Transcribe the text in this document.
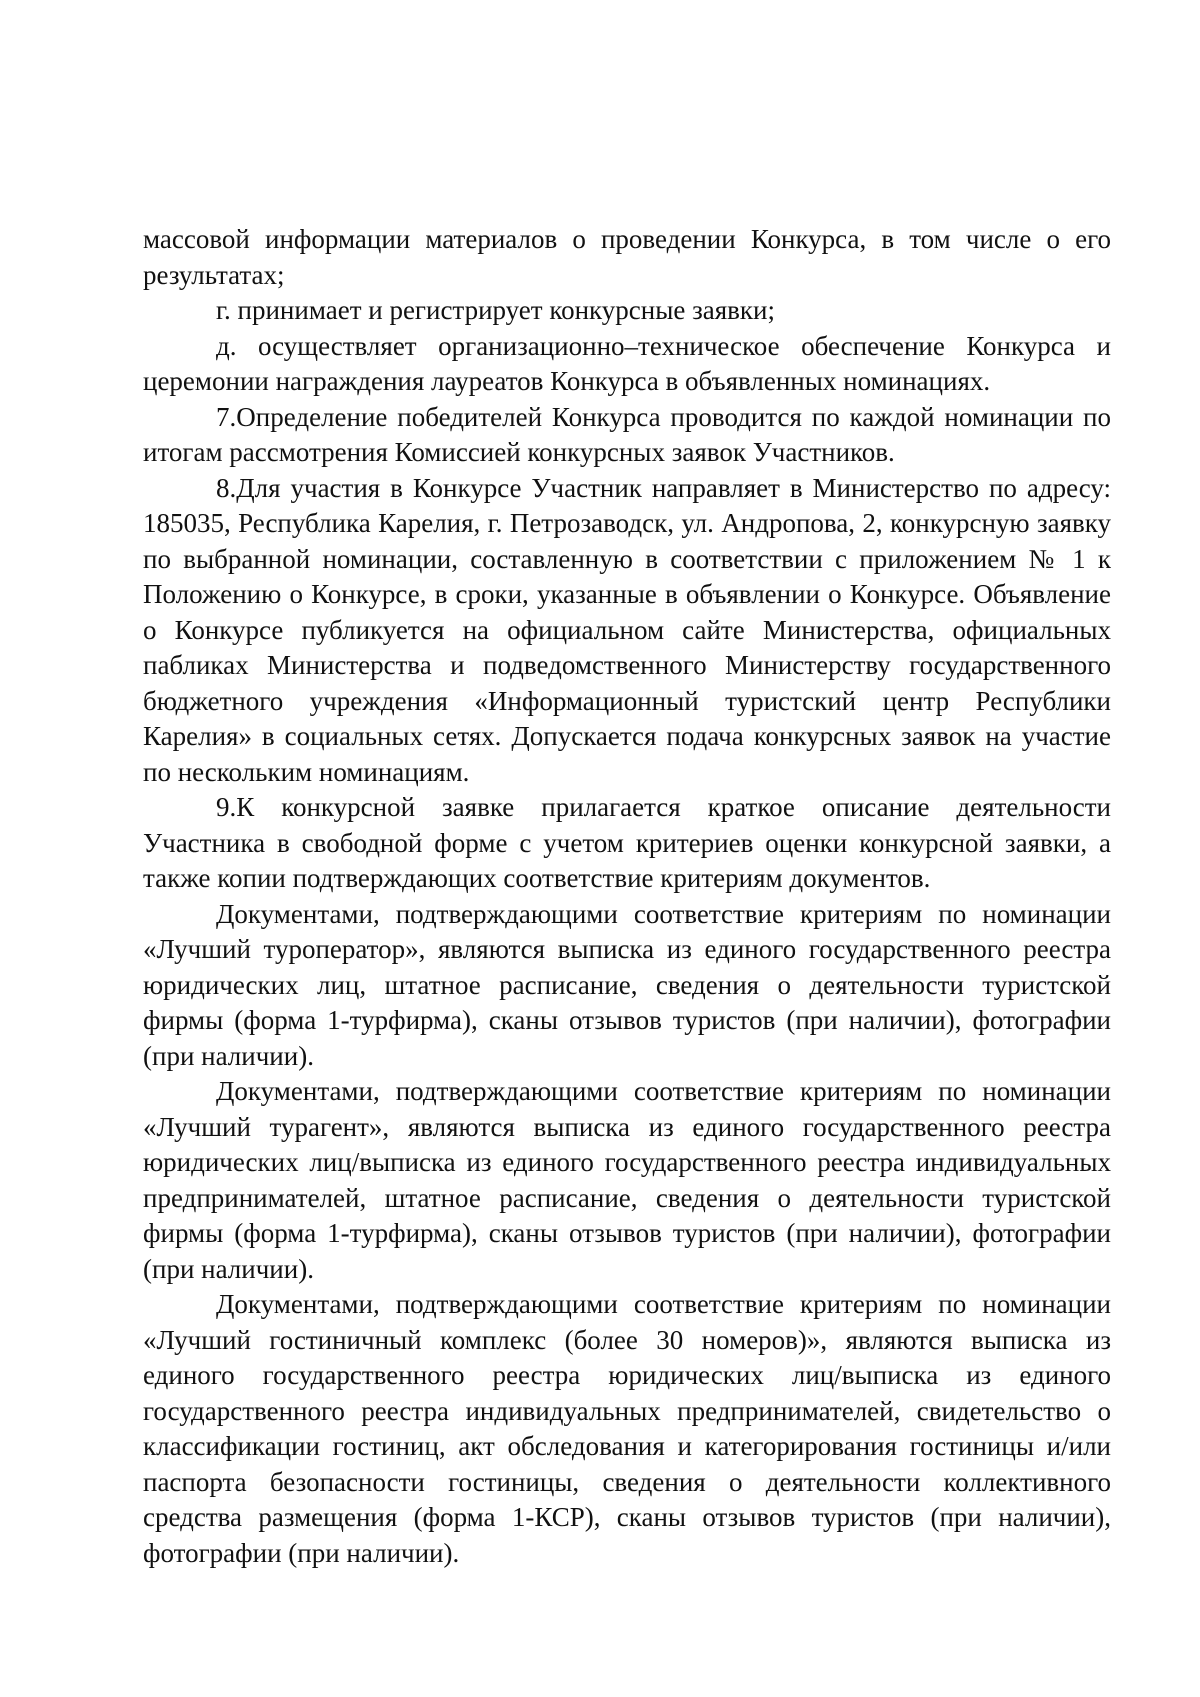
массовой информации материалов о проведении Конкурса, в том числе о его результатах;

г. принимает и регистрирует конкурсные заявки;

д. осуществляет организационно–техническое обеспечение Конкурса и церемонии награждения лауреатов Конкурса в объявленных номинациях.

7.Определение победителей Конкурса проводится по каждой номинации по итогам рассмотрения Комиссией конкурсных заявок Участников.

8.Для участия в Конкурсе Участник направляет в Министерство по адресу: 185035, Республика Карелия, г. Петрозаводск, ул. Андропова, 2, конкурсную заявку по выбранной номинации, составленную в соответствии с приложением № 1 к Положению о Конкурсе, в сроки, указанные в объявлении о Конкурсе. Объявление о Конкурсе публикуется на официальном сайте Министерства, официальных пабликах Министерства и подведомственного Министерству государственного бюджетного учреждения «Информационный туристский центр Республики Карелия» в социальных сетях. Допускается подача конкурсных заявок на участие по нескольким номинациям.

9.К конкурсной заявке прилагается краткое описание деятельности Участника в свободной форме с учетом критериев оценки конкурсной заявки, а также копии подтверждающих соответствие критериям документов.

Документами, подтверждающими соответствие критериям по номинации «Лучший туроператор», являются выписка из единого государственного реестра юридических лиц, штатное расписание, сведения о деятельности туристской фирмы (форма 1-турфирма), сканы отзывов туристов (при наличии), фотографии (при наличии).

Документами, подтверждающими соответствие критериям по номинации «Лучший турагент», являются выписка из единого государственного реестра юридических лиц/выписка из единого государственного реестра индивидуальных предпринимателей, штатное расписание, сведения о деятельности туристской фирмы (форма 1-турфирма), сканы отзывов туристов (при наличии), фотографии (при наличии).

Документами, подтверждающими соответствие критериям по номинации «Лучший гостиничный комплекс (более 30 номеров)», являются выписка из единого государственного реестра юридических лиц/выписка из единого государственного реестра индивидуальных предпринимателей, свидетельство о классификации гостиниц, акт обследования и категорирования гостиницы и/или паспорта безопасности гостиницы, сведения о деятельности коллективного средства размещения (форма 1-КСР), сканы отзывов туристов (при наличии), фотографии (при наличии).
